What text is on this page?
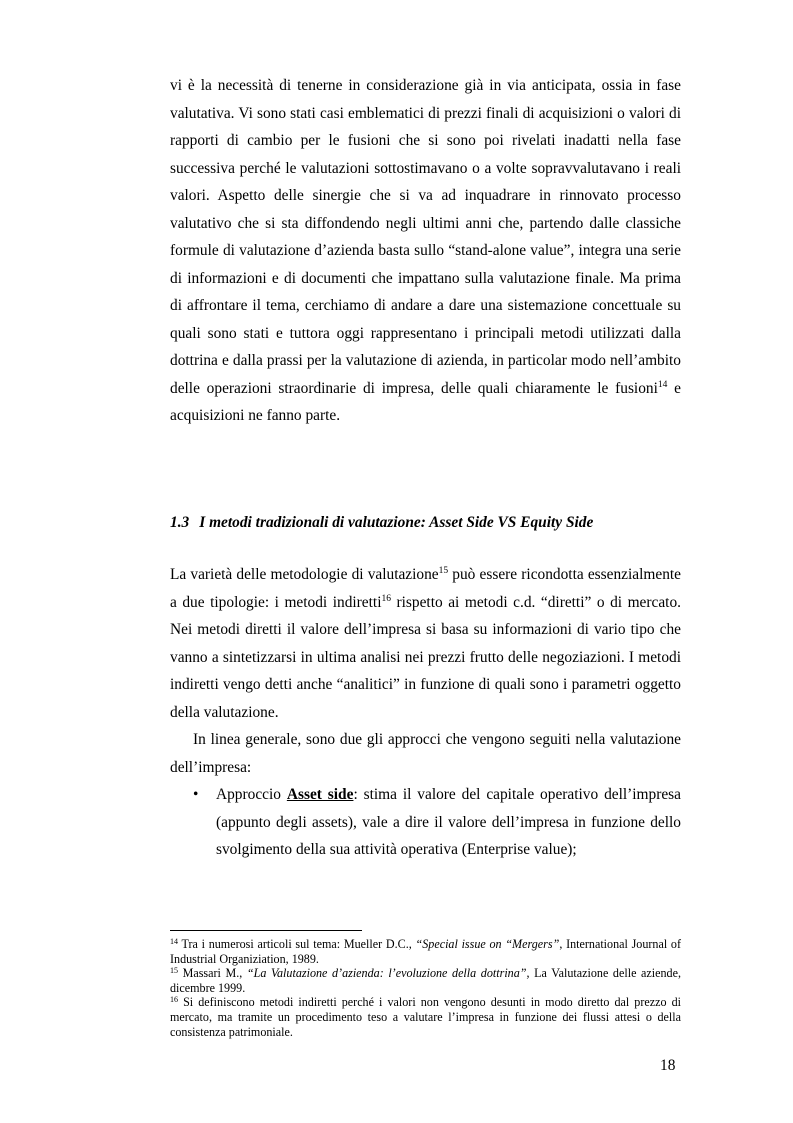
vi è la necessità di tenerne in considerazione già in via anticipata, ossia in fase valutativa. Vi sono stati casi emblematici di prezzi finali di acquisizioni o valori di rapporti di cambio per le fusioni che si sono poi rivelati inadatti nella fase successiva perché le valutazioni sottostimavano o a volte sopravvalutavano i reali valori. Aspetto delle sinergie che si va ad inquadrare in rinnovato processo valutativo che si sta diffondendo negli ultimi anni che, partendo dalle classiche formule di valutazione d’azienda basta sullo “stand-alone value”, integra una serie di informazioni e di documenti che impattano sulla valutazione finale. Ma prima di affrontare il tema, cerchiamo di andare a dare una sistemazione concettuale su quali sono stati e tuttora oggi rappresentano i principali metodi utilizzati dalla dottrina e dalla prassi per la valutazione di azienda, in particolar modo nell’ambito delle operazioni straordinarie di impresa, delle quali chiaramente le fusioni$^{14}$ e acquisizioni ne fanno parte.

1.3 I metodi tradizionali di valutazione: Asset Side VS Equity Side

La varietà delle metodologie di valutazione$^{15}$ può essere ricondotta essenzialmente a due tipologie: i metodi indiretti$^{16}$ rispetto ai metodi c.d. “diretti” o di mercato. Nei metodi diretti il valore dell’impresa si basa su informazioni di vario tipo che vanno a sintetizzarsi in ultima analisi nei prezzi frutto delle negoziazioni. I metodi indiretti vengo detti anche “analitici” in funzione di quali sono i parametri oggetto della valutazione.

In linea generale, sono due gli approcci che vengono seguiti nella valutazione dell’impresa:

• Approccio Asset side: stima il valore del capitale operativo dell’impresa (appunto degli assets), vale a dire il valore dell’impresa in funzione dello svolgimento della sua attività operativa (Enterprise value);

$^{14}$ Tra i numerosi articoli sul tema: Mueller D.C., “Special issue on “Mergers”, International Journal of Industrial Organiziation, 1989.

$^{15}$ Massari M., “La Valutazione d’azienda: l’evoluzione della dottrina”, La Valutazione delle aziende, dicembre 1999.

$^{16}$ Si definiscono metodi indiretti perché i valori non vengono desunti in modo diretto dal prezzo di mercato, ma tramite un procedimento teso a valutare l’impresa in funzione dei flussi attesi o della consistenza patrimoniale.

18
